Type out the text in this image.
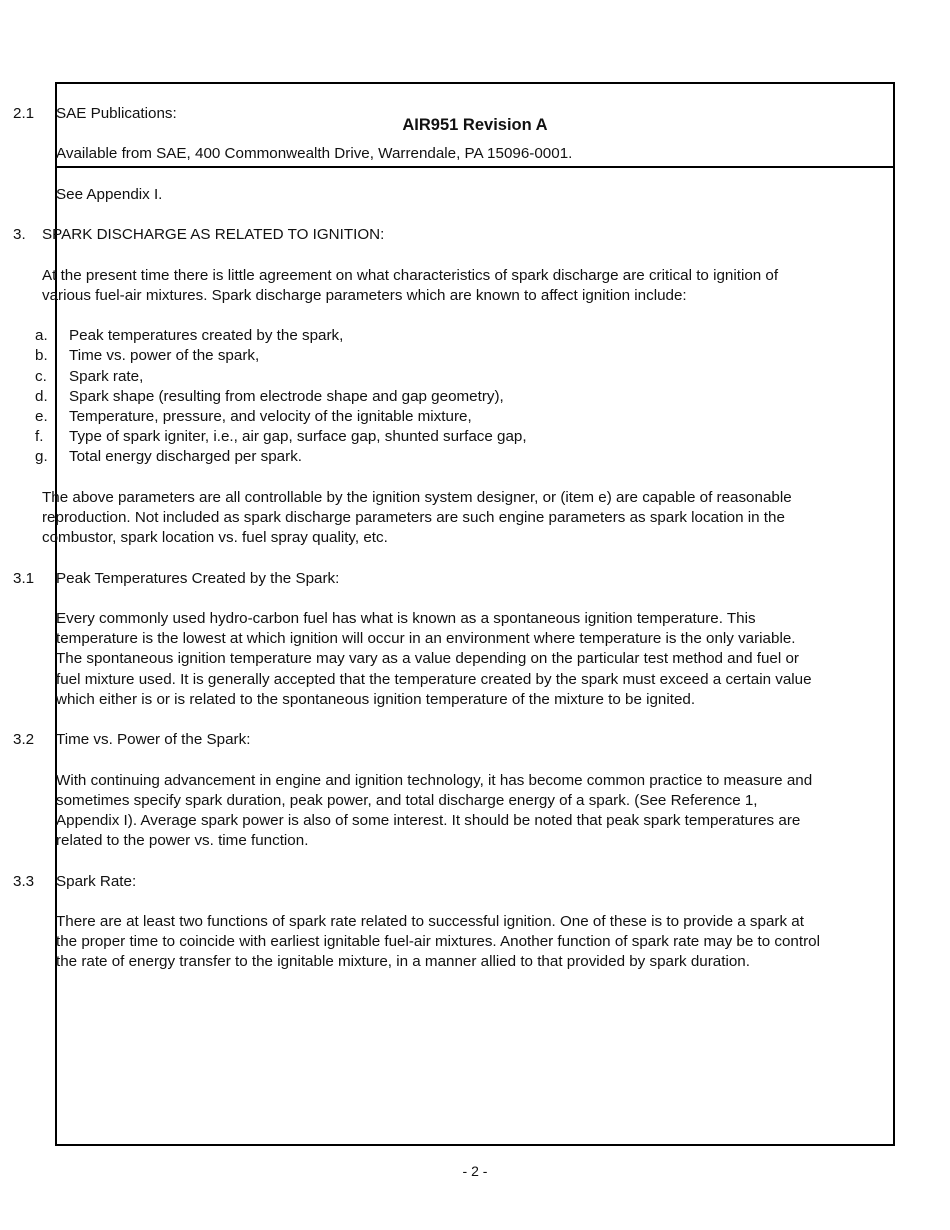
AIR951 Revision A
2.1	SAE Publications:
Available from SAE, 400 Commonwealth Drive, Warrendale, PA 15096-0001.
See Appendix I.
3.	SPARK DISCHARGE AS RELATED TO IGNITION:
At the present time there is little agreement on what characteristics of spark discharge are critical to ignition of various fuel-air mixtures. Spark discharge parameters which are known to affect ignition include:
a.	Peak temperatures created by the spark,
b.	Time vs. power of the spark,
c.	Spark rate,
d.	Spark shape (resulting from electrode shape and gap geometry),
e.	Temperature, pressure, and velocity of the ignitable mixture,
f.	Type of spark igniter, i.e., air gap, surface gap, shunted surface gap,
g.	Total energy discharged per spark.
The above parameters are all controllable by the ignition system designer, or (item e) are capable of reasonable reproduction. Not included as spark discharge parameters are such engine parameters as spark location in the combustor, spark location vs. fuel spray quality, etc.
3.1	Peak Temperatures Created by the Spark:
Every commonly used hydro-carbon fuel has what is known as a spontaneous ignition temperature. This temperature is the lowest at which ignition will occur in an environment where temperature is the only variable. The spontaneous ignition temperature may vary as a value depending on the particular test method and fuel or fuel mixture used. It is generally accepted that the temperature created by the spark must exceed a certain value which either is or is related to the spontaneous ignition temperature of the mixture to be ignited.
3.2	Time vs. Power of the Spark:
With continuing advancement in engine and ignition technology, it has become common practice to measure and sometimes specify spark duration, peak power, and total discharge energy of a spark. (See Reference 1, Appendix I). Average spark power is also of some interest. It should be noted that peak spark temperatures are related to the power vs. time function.
3.3	Spark Rate:
There are at least two functions of spark rate related to successful ignition. One of these is to provide a spark at the proper time to coincide with earliest ignitable fuel-air mixtures. Another function of spark rate may be to control the rate of energy transfer to the ignitable mixture, in a manner allied to that provided by spark duration.
- 2 -
